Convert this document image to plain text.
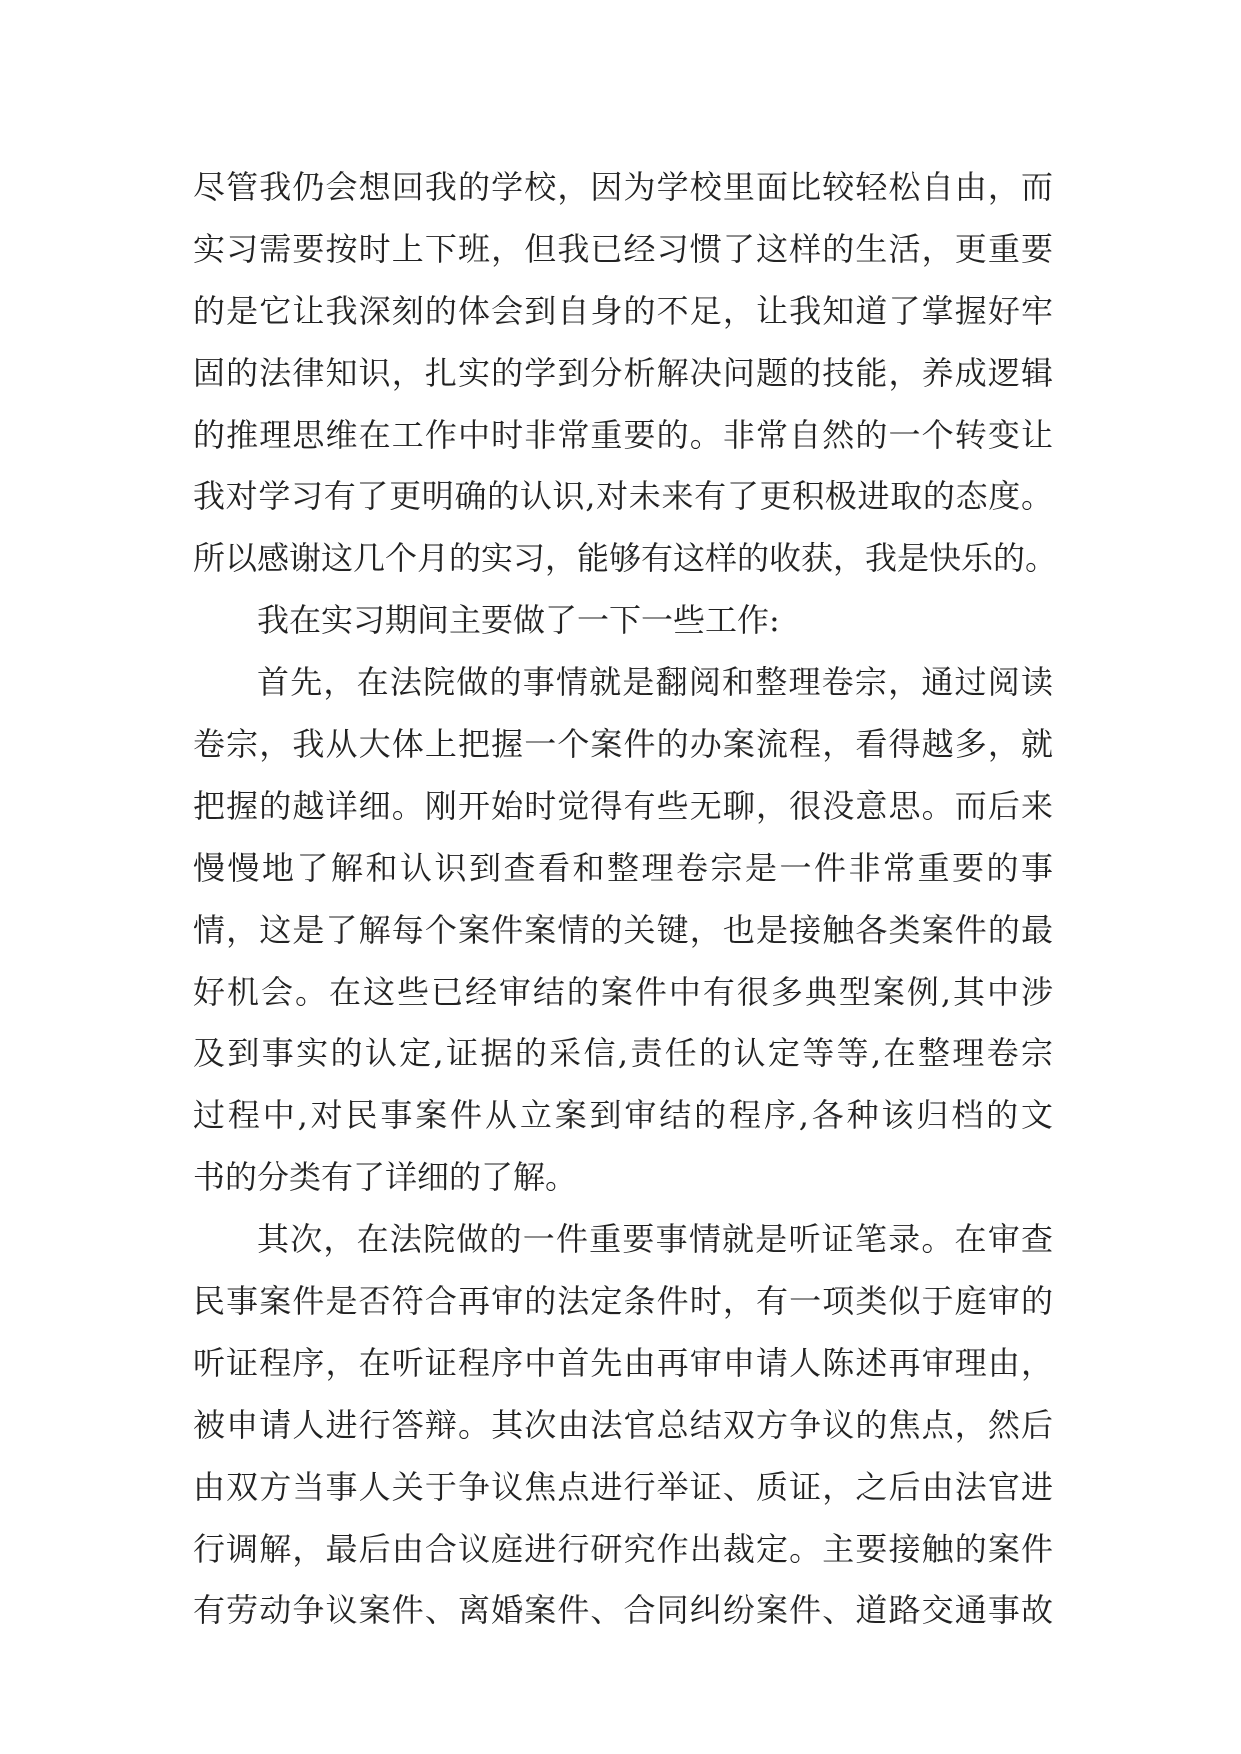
尽管我仍会想回我的学校，因为学校里面比较轻松自由，而
实习需要按时上下班，但我已经习惯了这样的生活，更重要
的是它让我深刻的体会到自身的不足，让我知道了掌握好牢
固的法律知识，扎实的学到分析解决问题的技能，养成逻辑
的推理思维在工作中时非常重要的。非常自然的一个转变让
我对学习有了更明确的认识,对未来有了更积极进取的态度。
所以感谢这几个月的实习，能够有这样的收获，我是快乐的。
我在实习期间主要做了一下一些工作:
首先，在法院做的事情就是翻阅和整理卷宗，通过阅读
卷宗，我从大体上把握一个案件的办案流程，看得越多，就
把握的越详细。刚开始时觉得有些无聊，很没意思。而后来
慢慢地了解和认识到查看和整理卷宗是一件非常重要的事
情，这是了解每个案件案情的关键，也是接触各类案件的最
好机会。在这些已经审结的案件中有很多典型案例,其中涉
及到事实的认定,证据的采信,责任的认定等等,在整理卷宗
过程中,对民事案件从立案到审结的程序,各种该归档的文
书的分类有了详细的了解。
其次，在法院做的一件重要事情就是听证笔录。在审查
民事案件是否符合再审的法定条件时，有一项类似于庭审的
听证程序，在听证程序中首先由再审申请人陈述再审理由，
被申请人进行答辩。其次由法官总结双方争议的焦点，然后
由双方当事人关于争议焦点进行举证、质证，之后由法官进
行调解，最后由合议庭进行研究作出裁定。主要接触的案件
有劳动争议案件、离婚案件、合同纠纷案件、道路交通事故
